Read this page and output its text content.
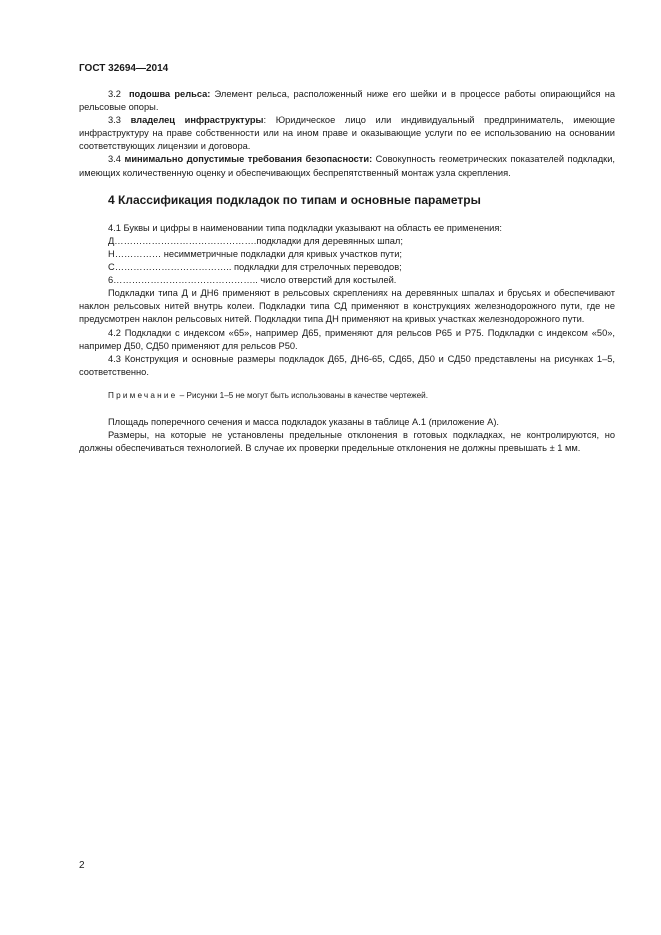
ГОСТ 32694—2014

3.2 подошва рельса: Элемент рельса, расположенный ниже его шейки и в процессе работы опирающийся на рельсовые опоры.

3.3 владелец инфраструктуры: Юридическое лицо или индивидуальный предприниматель, имеющие инфраструктуру на праве собственности или на ином праве и оказывающие услуги по ее использованию на основании соответствующих лицензии и договора.

3.4 минимально допустимые требования безопасности: Совокупность геометрических показателей подкладки, имеющих количественную оценку и обеспечивающих беспрепятственный монтаж узла скрепления.

4 Классификация подкладок по типам и основные параметры

4.1 Буквы и цифры в наименовании типа подкладки указывают на область ее применения:

Д……………………………………….подкладки для деревянных шпал;

Н…………… несимметричные подкладки для кривых участков пути;

С……………………………….. подкладки для стрелочных переводов;

6……………………………………….. число отверстий для костылей.

Подкладки типа Д и ДН6 применяют в рельсовых скреплениях на деревянных шпалах и брусьях и обеспечивают наклон рельсовых нитей внутрь колеи. Подкладки типа СД применяют в конструкциях железнодорожного пути, где не предусмотрен наклон рельсовых нитей. Подкладки типа ДН применяют на кривых участках железнодорожного пути.

4.2 Подкладки с индексом «65», например Д65, применяют для рельсов Р65 и Р75. Подкладки с индексом «50», например Д50, СД50 применяют для рельсов Р50.

4.3 Конструкция и основные размеры подкладок Д65, ДН6-65, СД65, Д50 и СД50 представлены на рисунках 1–5, соответственно.

Примечание – Рисунки 1–5 не могут быть использованы в качестве чертежей.

Площадь поперечного сечения и масса подкладок указаны в таблице А.1 (приложение А).

Размеры, на которые не установлены предельные отклонения в готовых подкладках, не контролируются, но должны обеспечиваться технологией. В случае их проверки предельные отклонения не должны превышать ± 1 мм.

2
